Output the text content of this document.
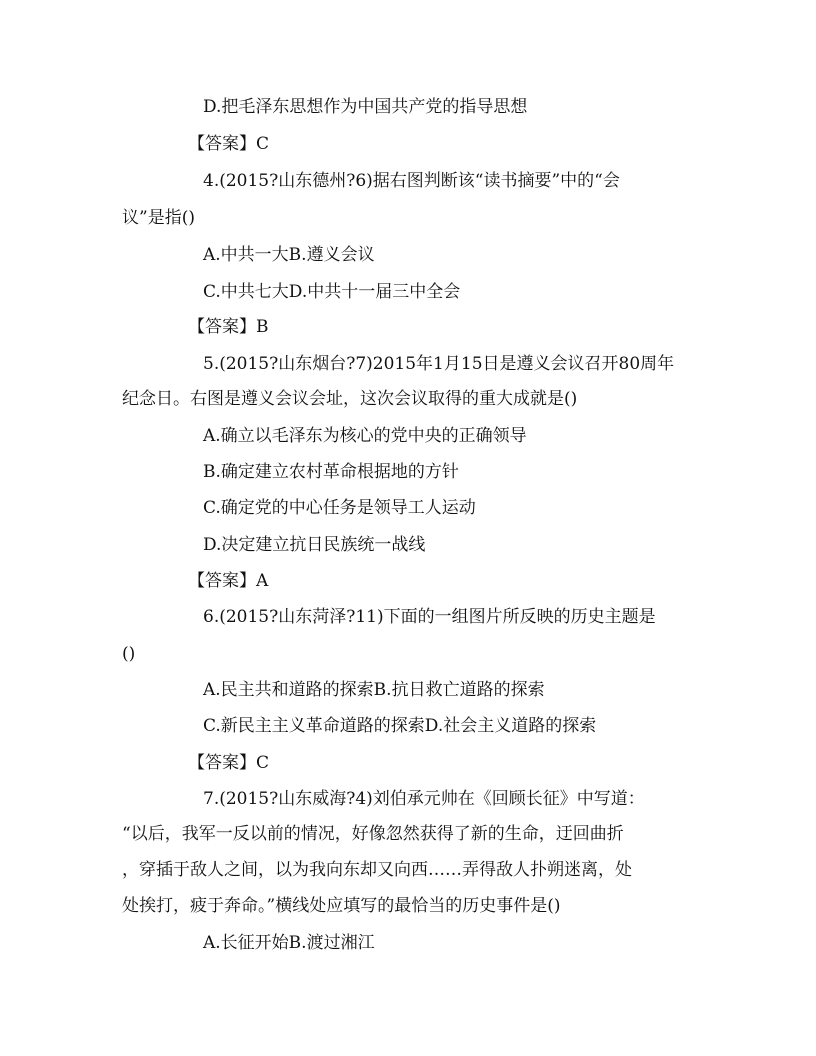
D.把毛泽东思想作为中国共产党的指导思想
【答案】C
4.(2015?山东德州?6)据右图判断该“读书摘要”中的“会
议”是指()
A.中共一大B.遵义会议
C.中共七大D.中共十一届三中全会
【答案】B
5.(2015?山东烟台?7)2015年1月15日是遵义会议召开80周年
纪念日。右图是遵义会议会址，这次会议取得的重大成就是()
A.确立以毛泽东为核心的党中央的正确领导
B.确定建立农村革命根据地的方针
C.确定党的中心任务是领导工人运动
D.决定建立抗日民族统一战线
【答案】A
6.(2015?山东菏泽?11)下面的一组图片所反映的历史主题是
()
A.民主共和道路的探索B.抗日救亡道路的探索
C.新民主主义革命道路的探索D.社会主义道路的探索
【答案】C
7.(2015?山东威海?4)刘伯承元帅在《回顾长征》中写道：
“以后，我军一反以前的情况，好像忽然获得了新的生命，迂回曲折
，穿插于敌人之间，以为我向东却又向西……弄得敌人扑朔迷离，处
处挨打，疲于奔命。”横线处应填写的最恰当的历史事件是()
A.长征开始B.渡过湘江
